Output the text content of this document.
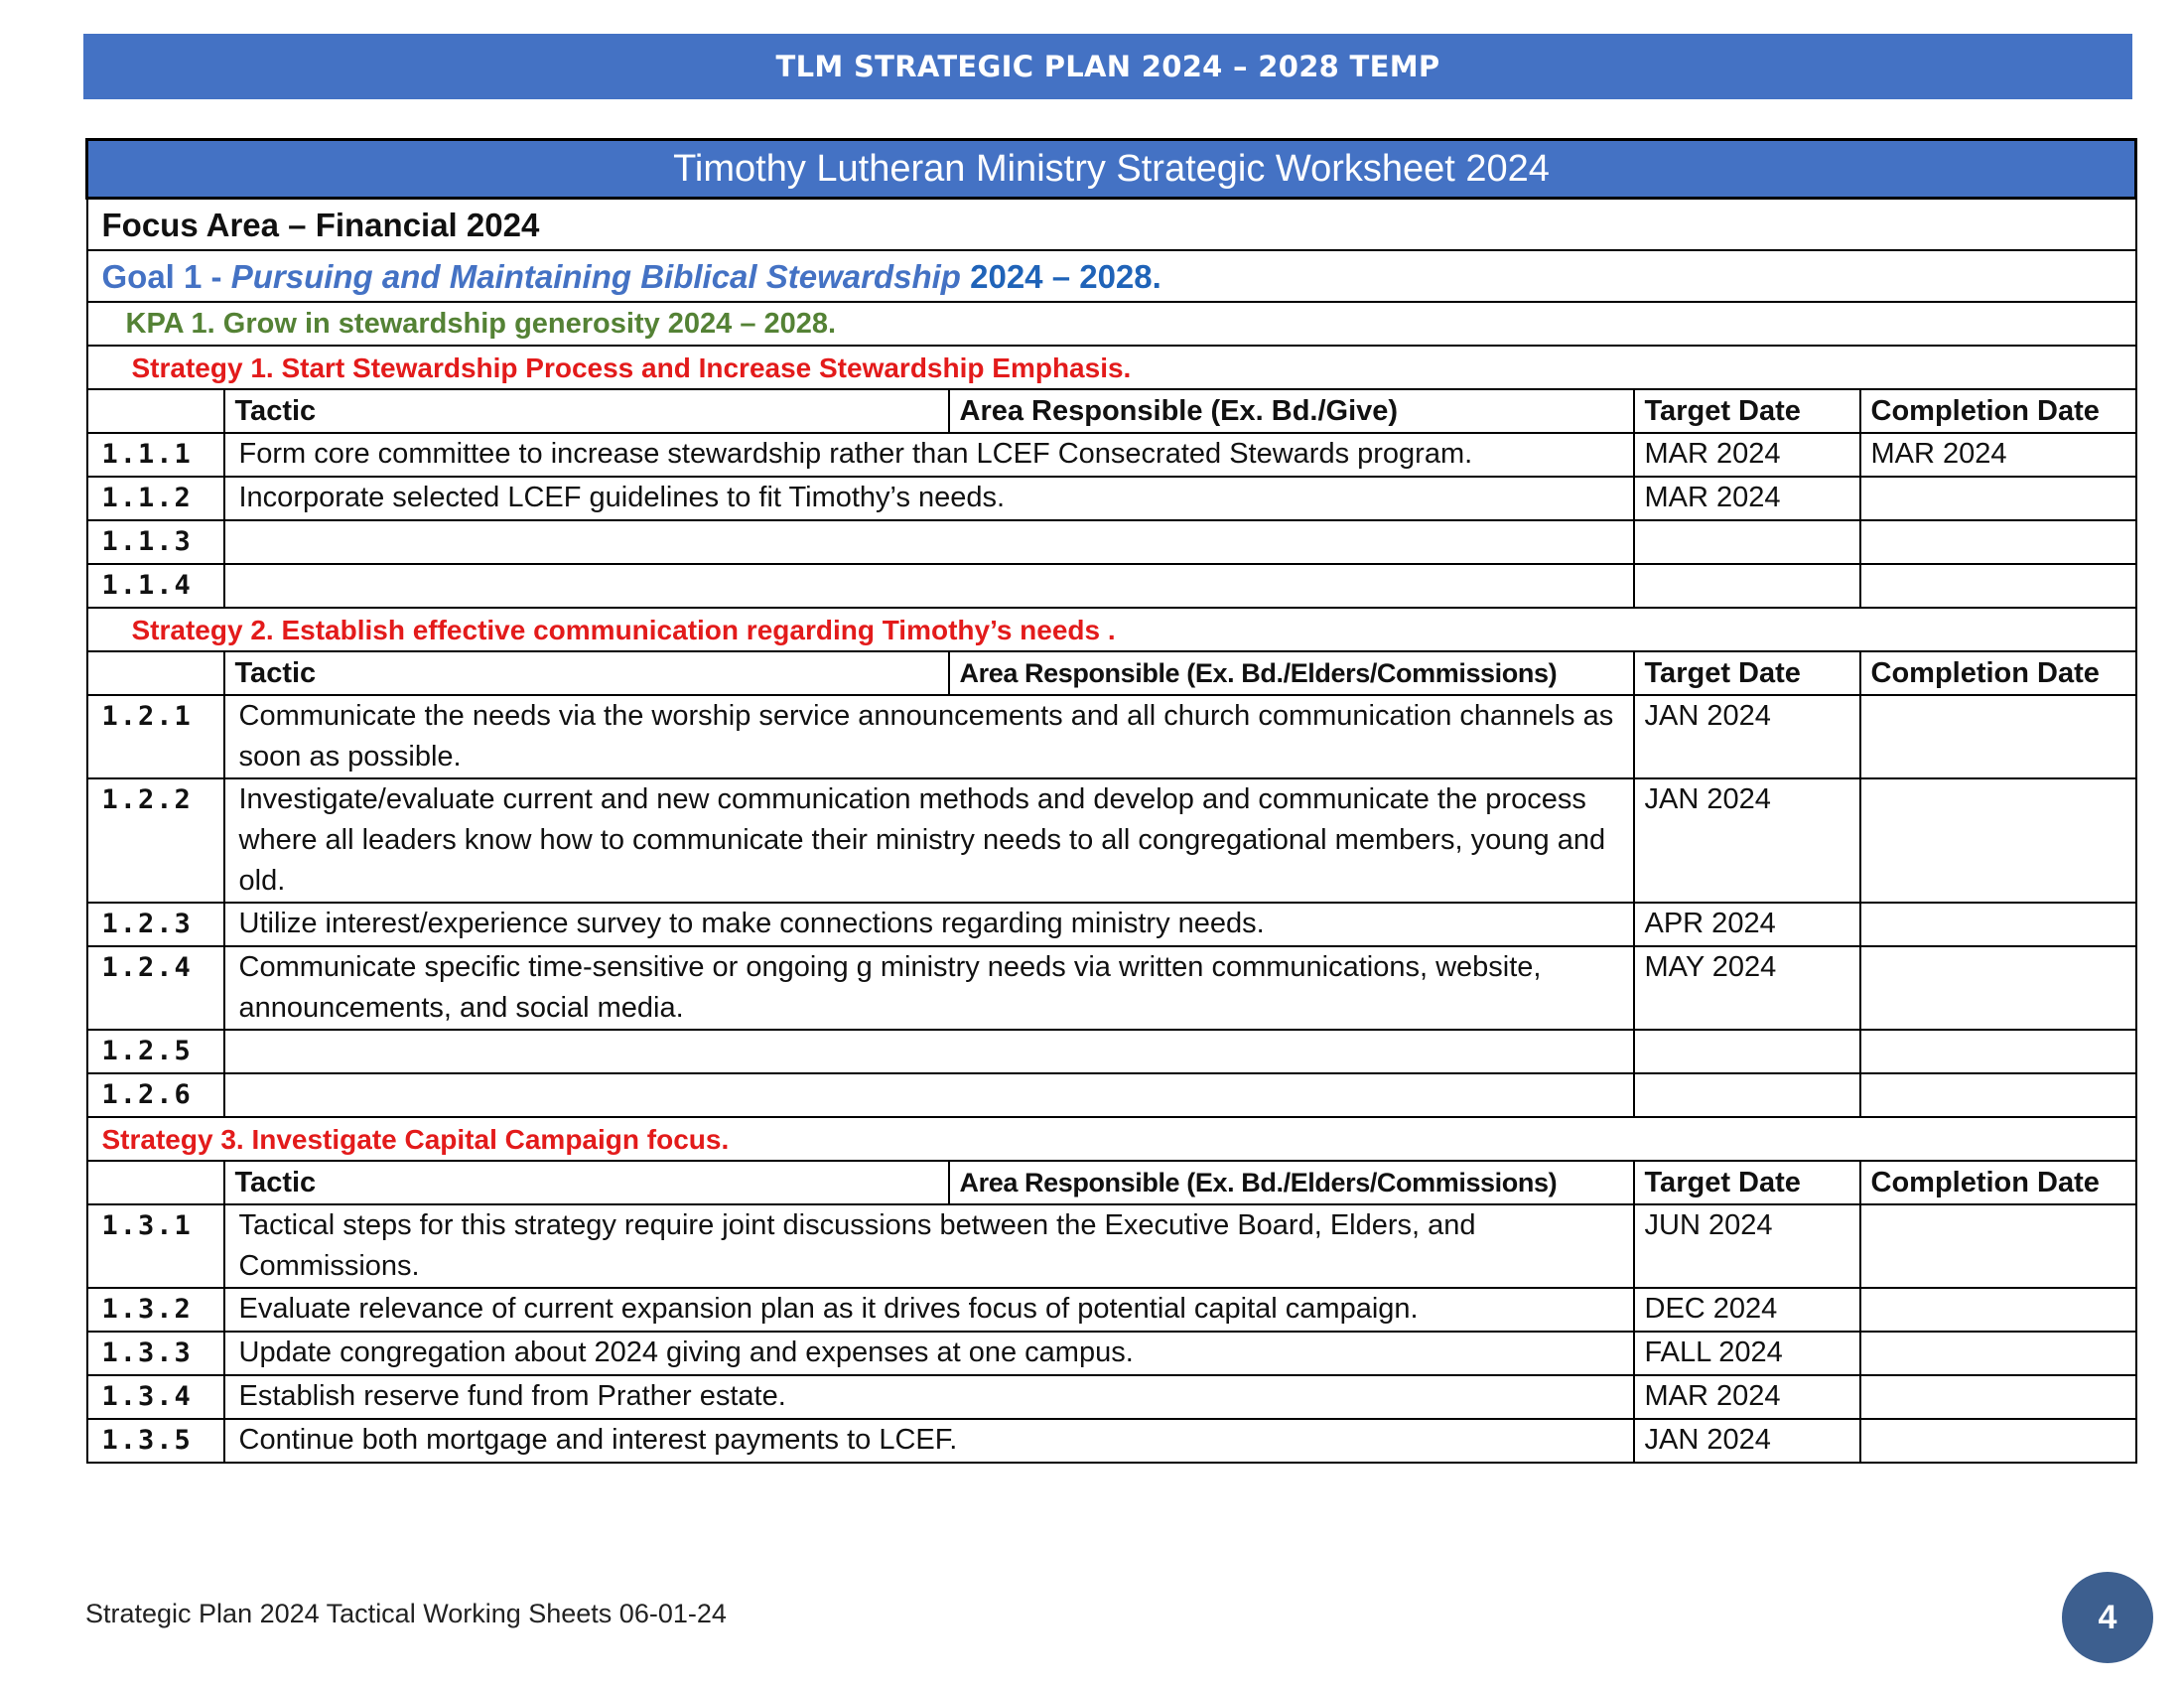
TLM STRATEGIC PLAN 2024 – 2028 TEMP
Timothy Lutheran Ministry Strategic Worksheet 2024				
Focus Area – Financial 2024				
Goal 1 - Pursuing and Maintaining Biblical Stewardship 2024 – 2028.				
KPA 1. Grow in stewardship generosity 2024 – 2028.				
Strategy 1. Start Stewardship Process and Increase Stewardship Emphasis.				
	Tactic	Area Responsible (Ex. Bd./Give)	Target Date	Completion Date
1.1.1	Form core committee to increase stewardship rather than LCEF Consecrated Stewards program.		MAR 2024	MAR 2024
1.1.2	Incorporate selected LCEF guidelines to fit Timothy’s needs.		MAR 2024	
1.1.3				
1.1.4				
Strategy 2. Establish effective communication regarding Timothy’s needs .				
	Tactic	Area Responsible (Ex. Bd./Elders/Commissions)	Target Date	Completion Date
1.2.1	Communicate the needs via the worship service announcements and all church communication channels as soon as possible.		JAN 2024	
1.2.2	Investigate/evaluate current and new communication methods and develop and communicate the process where all leaders know how to communicate their ministry needs to all congregational members, young and old.		JAN 2024	
1.2.3	Utilize interest/experience survey to make connections regarding ministry needs.		APR 2024	
1.2.4	Communicate specific time-sensitive or ongoing g ministry needs via written communications, website, announcements, and social media.		MAY 2024	
1.2.5				
1.2.6				
Strategy 3. Investigate Capital Campaign focus.				
	Tactic	Area Responsible (Ex. Bd./Elders/Commissions)	Target Date	Completion Date
1.3.1	Tactical steps for this strategy require joint discussions between the Executive Board, Elders, and Commissions.		JUN 2024	
1.3.2	Evaluate relevance of current expansion plan as it drives focus of potential capital campaign.		DEC 2024	
1.3.3	Update congregation about 2024 giving and expenses at one campus.		FALL 2024	
1.3.4	Establish reserve fund from Prather estate.		MAR 2024	
1.3.5	Continue both mortgage and interest payments to LCEF.		JAN 2024	
Strategic Plan 2024 Tactical Working Sheets 06-01-24	4
